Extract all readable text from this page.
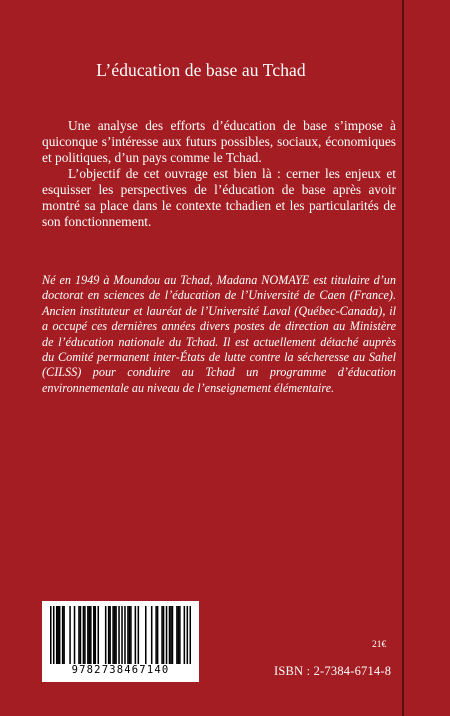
L’éducation de base au Tchad

Une analyse des efforts d’éducation de base s’impose à quiconque s’intéresse aux futurs possibles, sociaux, économiques et politiques, d’un pays comme le Tchad.

L’objectif de cet ouvrage est bien là : cerner les enjeux et esquisser les perspectives de l’éducation de base après avoir montré sa place dans le contexte tchadien et les particularités de son fonctionnement.

Né en 1949 à Moundou au Tchad, Madana NOMAYE est titulaire d’un doctorat en sciences de l’éducation de l’Université de Caen (France). Ancien instituteur et lauréat de l’Université Laval (Québec-Canada), il a occupé ces dernières années divers postes de direction au Ministère de l’éducation nationale du Tchad. Il est actuellement détaché auprès du Comité permanent inter-États de lutte contre la sécheresse au Sahel (CILSS) pour conduire au Tchad un programme d’éducation environnementale au niveau de l’enseignement élémentaire.

9782738467140
21€
ISBN : 2-7384-6714-8
